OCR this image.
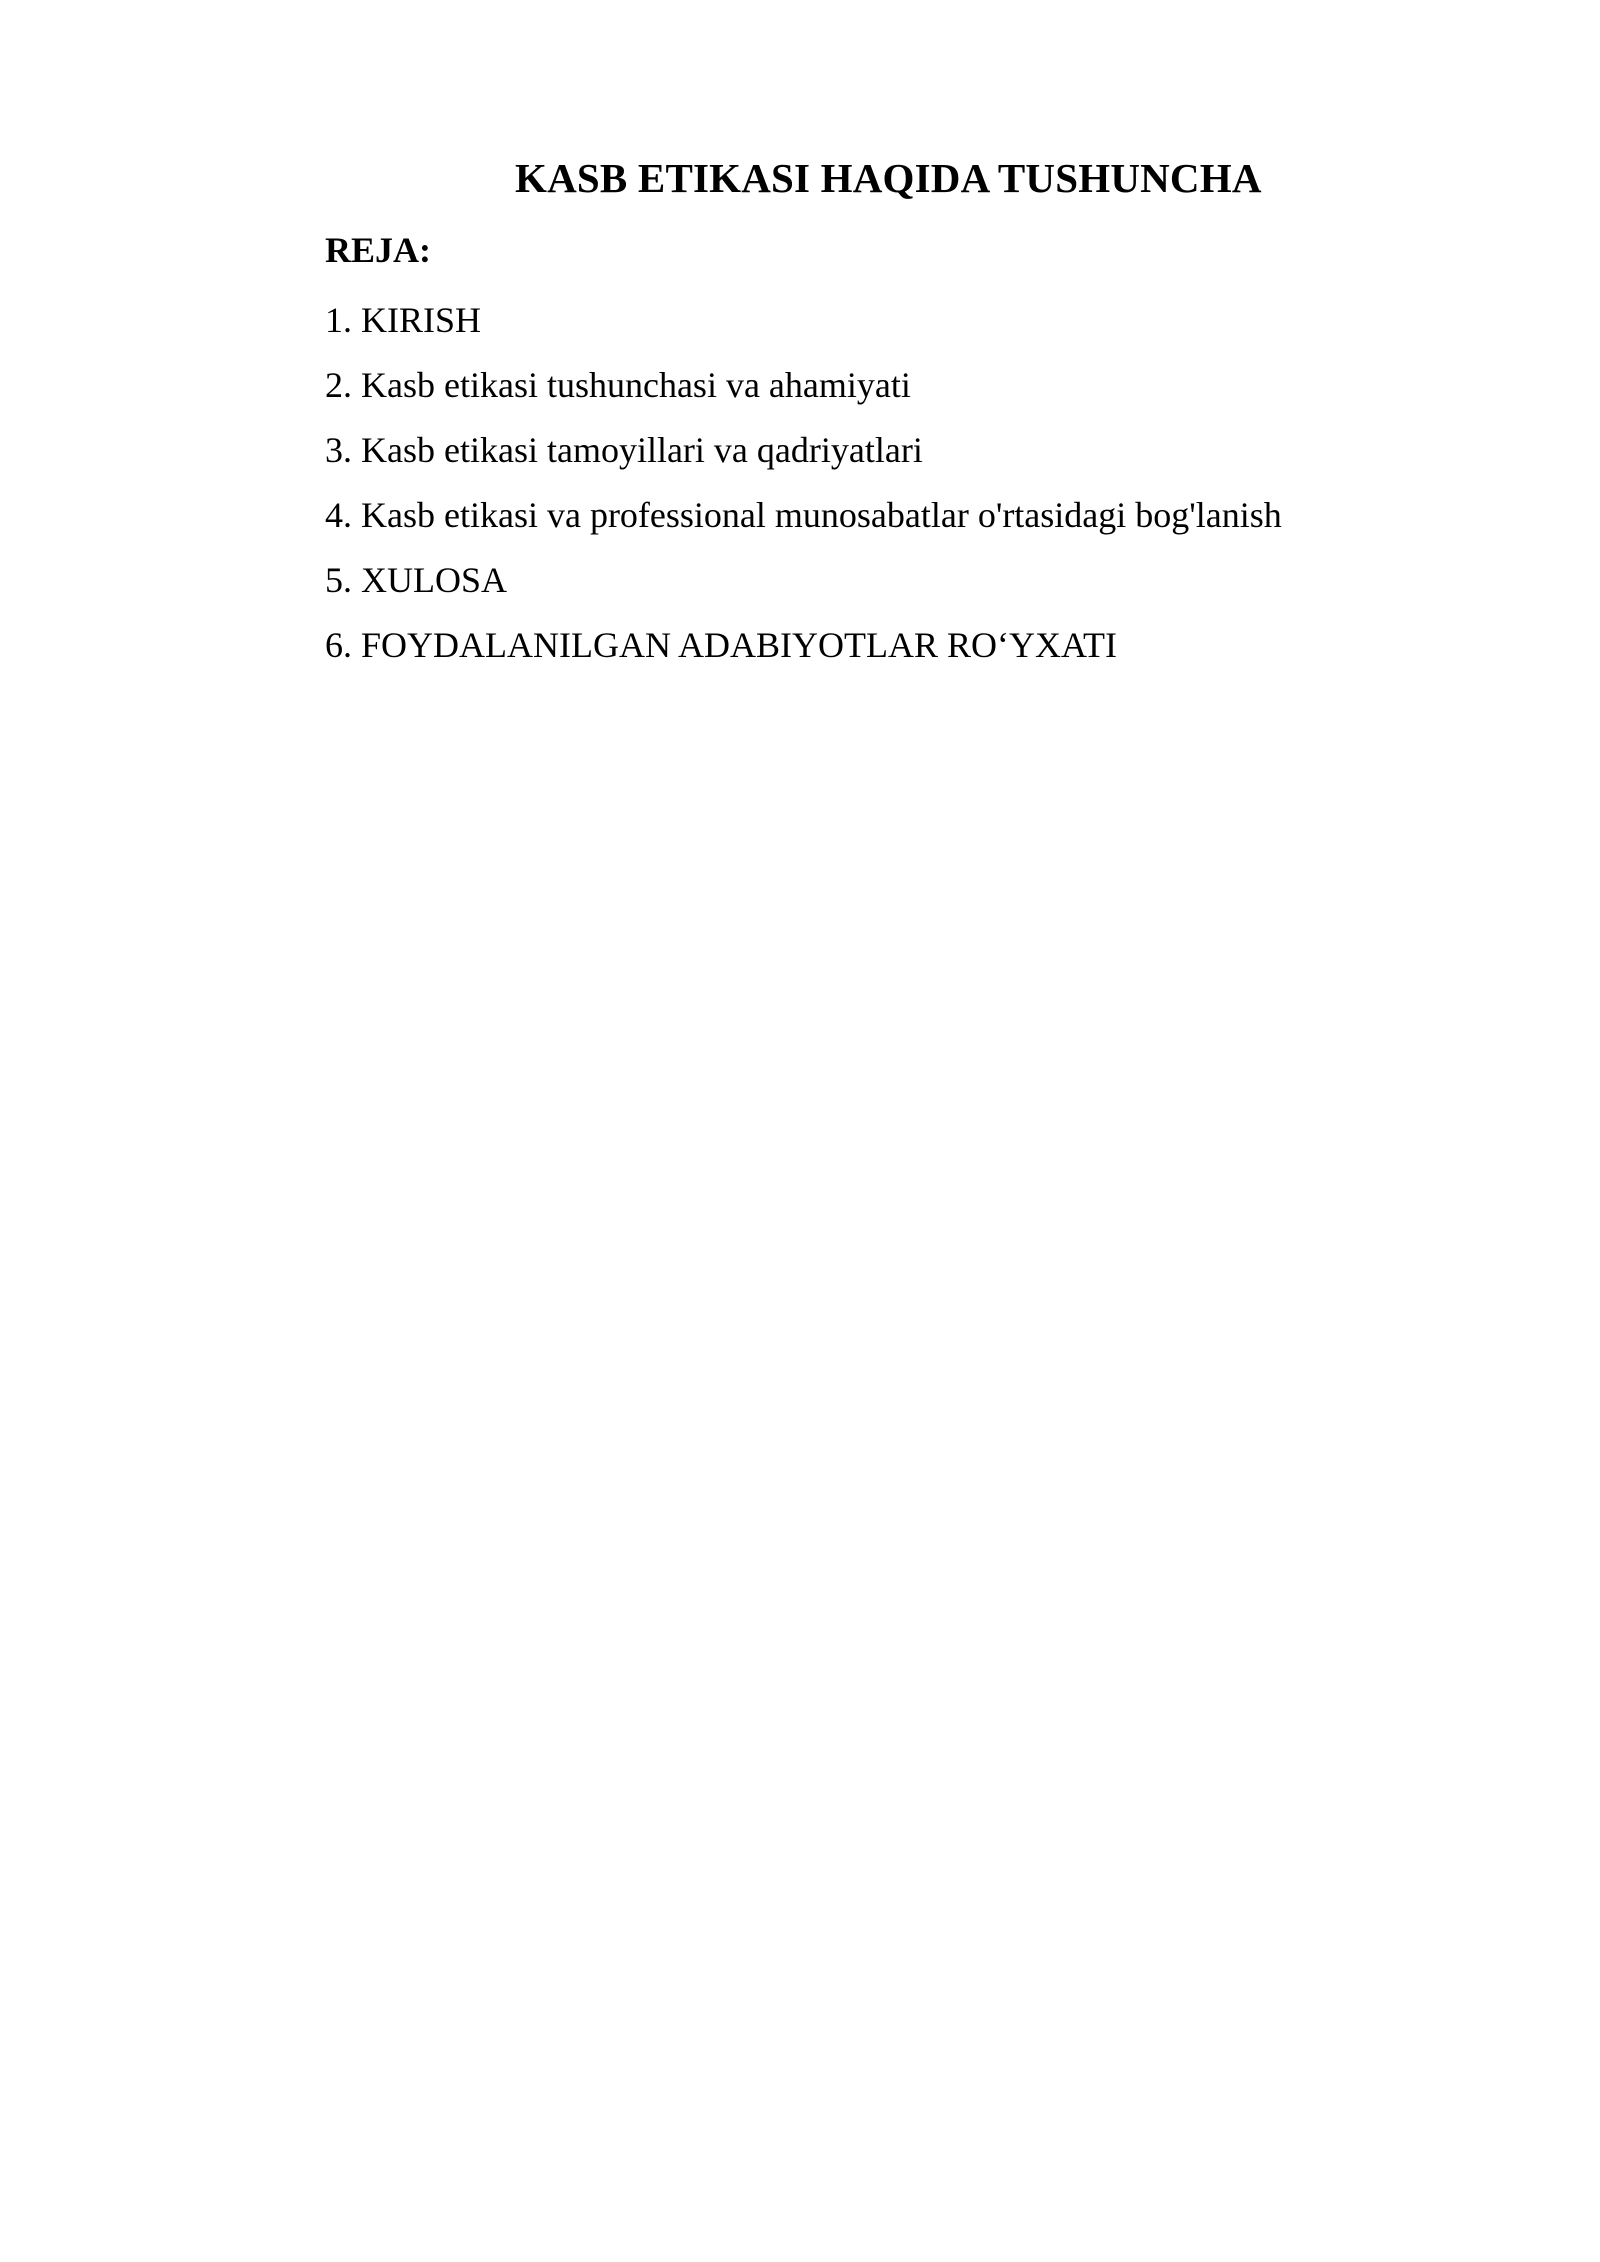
KASB ETIKASI HAQIDA TUSHUNCHA
REJA:
1. KIRISH
2. Kasb etikasi tushunchasi va ahamiyati
3. Kasb etikasi tamoyillari va qadriyatlari
4. Kasb etikasi va professional munosabatlar o'rtasidagi bog'lanish
5. XULOSA
6. FOYDALANILGAN ADABIYOTLAR RO‘YXATI
